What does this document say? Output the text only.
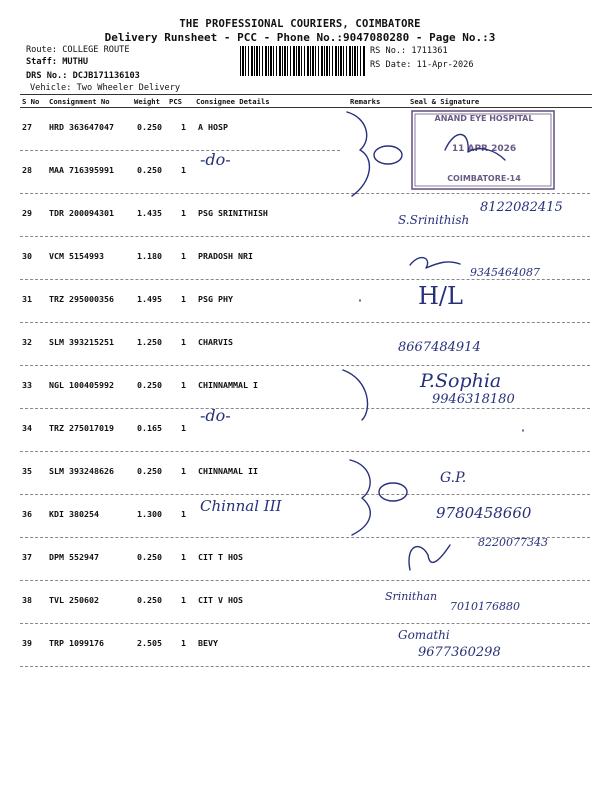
THE PROFESSIONAL COURIERS, COIMBATORE
Delivery Runsheet - PCC - Phone No.:9047080280 - Page No.:3
Route: COLLEGE ROUTE
Staff: MUTHU
DRS No.: DCJB171136103
Vehicle: Two Wheeler Delivery
RS No.: 1711361
RS Date: 11-Apr-2026
S No Consignment No	Weight PCS Consignee Details	Remarks	Seal & Signature
27 HRD 363647047	0.250 1 A HOSP
28 MAA 716395991	0.250 1
29 TDR 200094301	1.435 1 PSG SRINITHISH
30 VCM 5154993	1.180 1 PRADOSH NRI
31 TRZ 295000356	1.495 1 PSG PHY
32 SLM 393215251	1.250 1 CHARVIS
33 NGL 100405992	0.250 1 CHINNAMMAL I
34 TRZ 275017019	0.165 1
35 SLM 393248626	0.250 1 CHINNAMAL II
36 KDI 380254	1.300 1
37 DPM 552947	0.250 1 CIT T HOS
38 TVL 250602	0.250 1 CIT V HOS
39 TRP 1099176	2.505 1 BEVY
ANAND EYE HOSPITAL
11 APR 2026
COIMBATORE-14
-do-
-do-
Chinnal III
8122082415
S.Srinithish
9345464087
H/L
8667484914
P.Sophia
9946318180
G.P.
9780458660
8220077343
Srinithan
7010176880
Gomathi
9677360298
